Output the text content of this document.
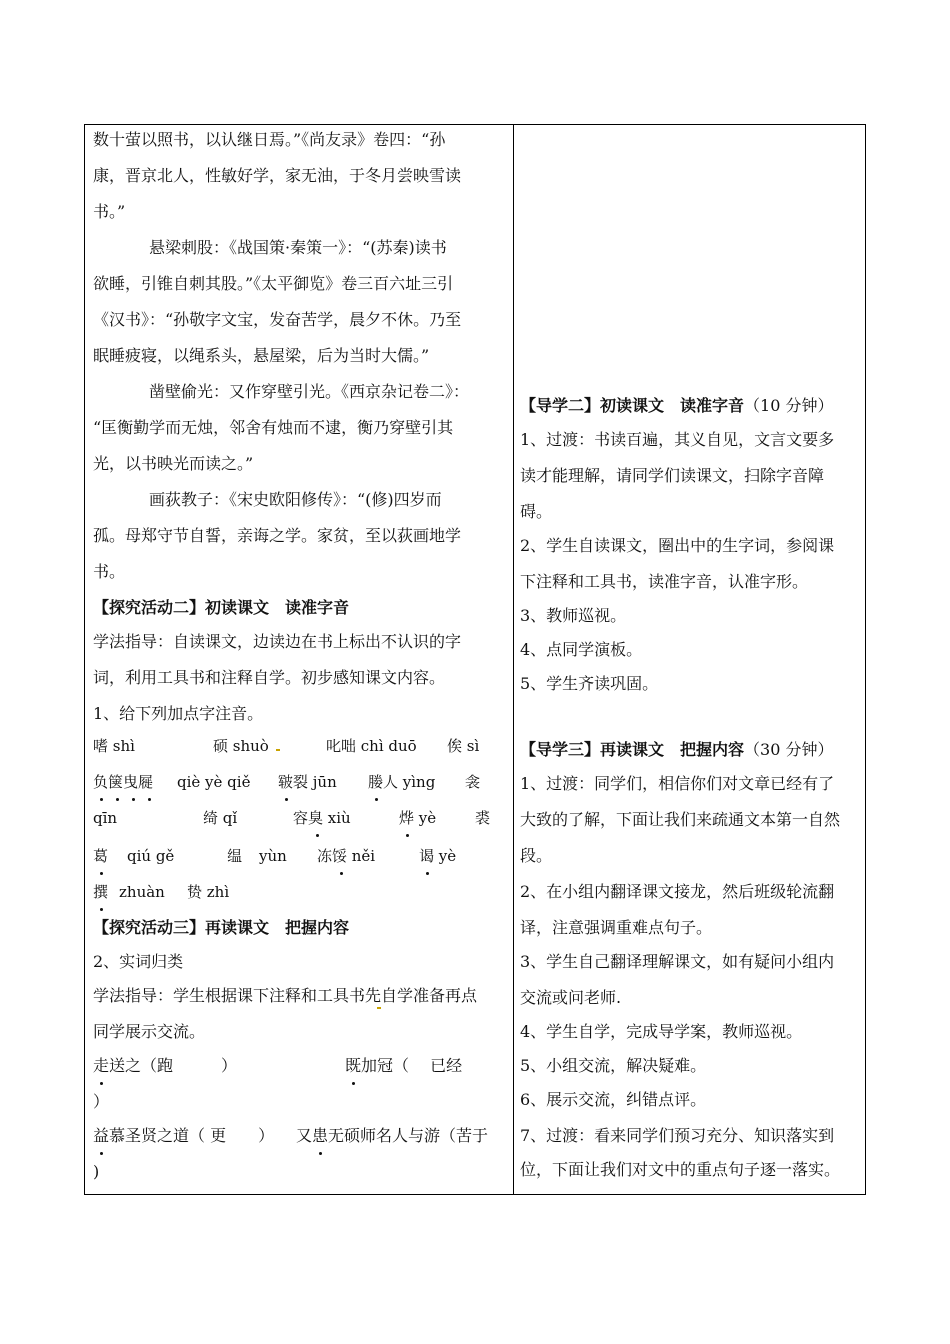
数十萤以照书，以认继日焉。”《尚友录》卷四：“孙
康，晋京北人，性敏好学，家无油，于冬月尝映雪读
书。”
悬梁刺股：《战国策·秦策一》：“(苏秦)读书
欲睡，引锥自刺其股。”《太平御览》卷三百六址三引
《汉书》：“孙敬字文宝，发奋苦学，晨夕不休。乃至
眠睡疲寝，以绳系头，悬屋梁，后为当时大儒。”
凿壁偷光：又作穿壁引光。《西京杂记卷二》：
“匡衡勤学而无烛，邻舍有烛而不逮，衡乃穿壁引其
光，以书映光而读之。”
画荻教子：《宋史欧阳修传》：“(修)四岁而
孤。母郑守节自誓，亲诲之学。家贫，至以荻画地学
书。
【探究活动二】初读课文　读准字音
学法指导：自读课文，边读边在书上标出不认识的字
词，利用工具书和注释自学。初步感知课文内容。
1、给下列加点字注音。
嗜 shì	硕 shuò	叱咄 chì duō 俟 sì
负箧曳屣 qiè yè qiě 皲裂 jūn 媵人 yìng 衾
qīn	绮 qǐ	容臭 xiù	烨 yè	裘
葛 qiú gě	缊 yùn 冻馁 něi	谒 yè
撰 zhuàn 贽 zhì
【探究活动三】再读课文　把握内容
2、实词归类
学法指导：学生根据课下注释和工具书先自学准备再点
同学展示交流。
走送之（跑　　　）	既加冠（　 已经
）
益慕圣贤之道（ 更　　） 又患无硕师名人与游（苦于
)
【导学二】初读课文　读准字音（10 分钟）
1、过渡：书读百遍，其义自见，文言文要多
读才能理解，请同学们读课文，扫除字音障
碍。
2、学生自读课文，圈出中的生字词，参阅课
下注释和工具书，读准字音，认准字形。
3、教师巡视。
4、点同学演板。
5、学生齐读巩固。
【导学三】再读课文　把握内容（30 分钟）
1、过渡：同学们，相信你们对文章已经有了
大致的了解，下面让我们来疏通文本第一自然
段。
2、在小组内翻译课文接龙，然后班级轮流翻
译，注意强调重难点句子。
3、学生自己翻译理解课文，如有疑问小组内
交流或问老师.
4、学生自学，完成导学案，教师巡视。
5、小组交流，解决疑难。
6、展示交流，纠错点评。
7、过渡：看来同学们预习充分、知识落实到
位，下面让我们对文中的重点句子逐一落实。
